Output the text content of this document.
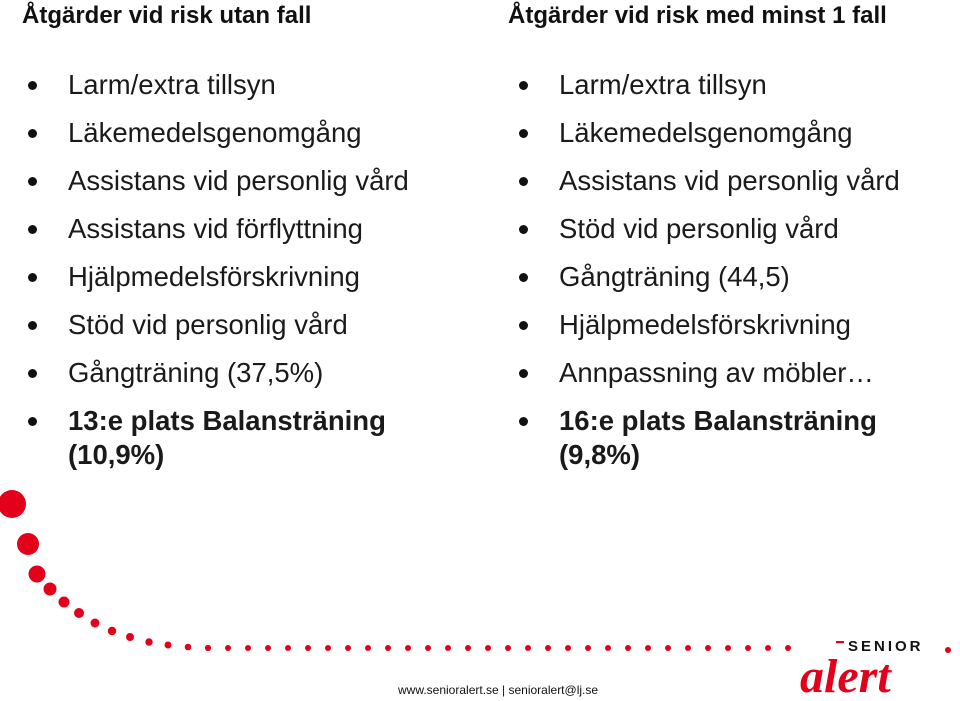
Åtgärder vid risk utan fall	Åtgärder vid risk med minst 1 fall
Larm/extra tillsyn
Läkemedelsgenomgång
Assistans vid personlig vård
Assistans vid förflyttning
Hjälpmedelsförskrivning
Stöd vid personlig vård
Gångträning (37,5%)
13:e plats Balansträning (10,9%)
Larm/extra tillsyn
Läkemedelsgenomgång
Assistans vid personlig vård
Stöd vid personlig vård
Gångträning (44,5)
Hjälpmedelsförskrivning
Annpassning av möbler…
16:e plats Balansträning (9,8%)
www.senioralert.se | senioralert@lj.se
SENIOR
alert
